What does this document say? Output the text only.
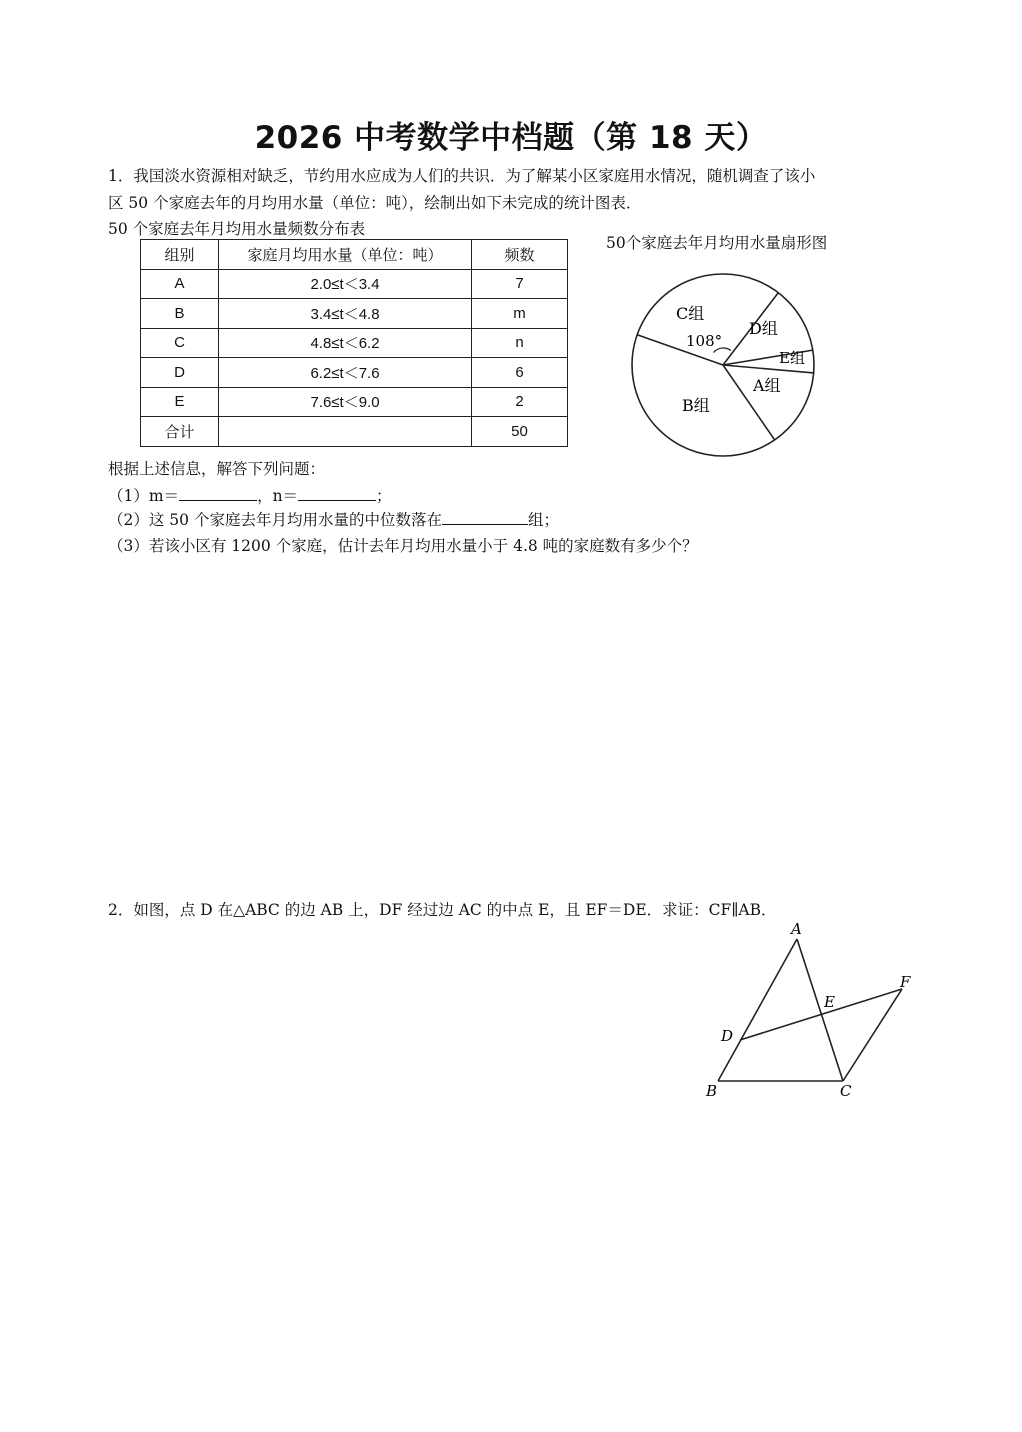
2026 中考数学中档题（第 18 天）
1．我国淡水资源相对缺乏，节约用水应成为人们的共识．为了解某小区家庭用水情况，随机调查了该小
区 50 个家庭去年的月均用水量（单位：吨），绘制出如下未完成的统计图表．
50 个家庭去年月均用水量频数分布表
组别	家庭月均用水量（单位：吨）	频数
A	2.0≤t＜3.4	7
B	3.4≤t＜4.8	m
C	4.8≤t＜6.2	n
D	6.2≤t＜7.6	6
E	7.6≤t＜9.0	2
合计		50
50个家庭去年月均用水量扇形图
C组
D组
E组
A组
B组
108°
根据上述信息，解答下列问题：
（1）m＝	，n＝	；
（2）这 50 个家庭去年月均用水量的中位数落在	组；
（3）若该小区有 1200 个家庭，估计去年月均用水量小于 4.8 吨的家庭数有多少个？
2．如图，点 D 在△ABC 的边 AB 上，DF 经过边 AC 的中点 E，且 EF＝DE．求证：CF∥AB．
A
B	C
D
E
F
